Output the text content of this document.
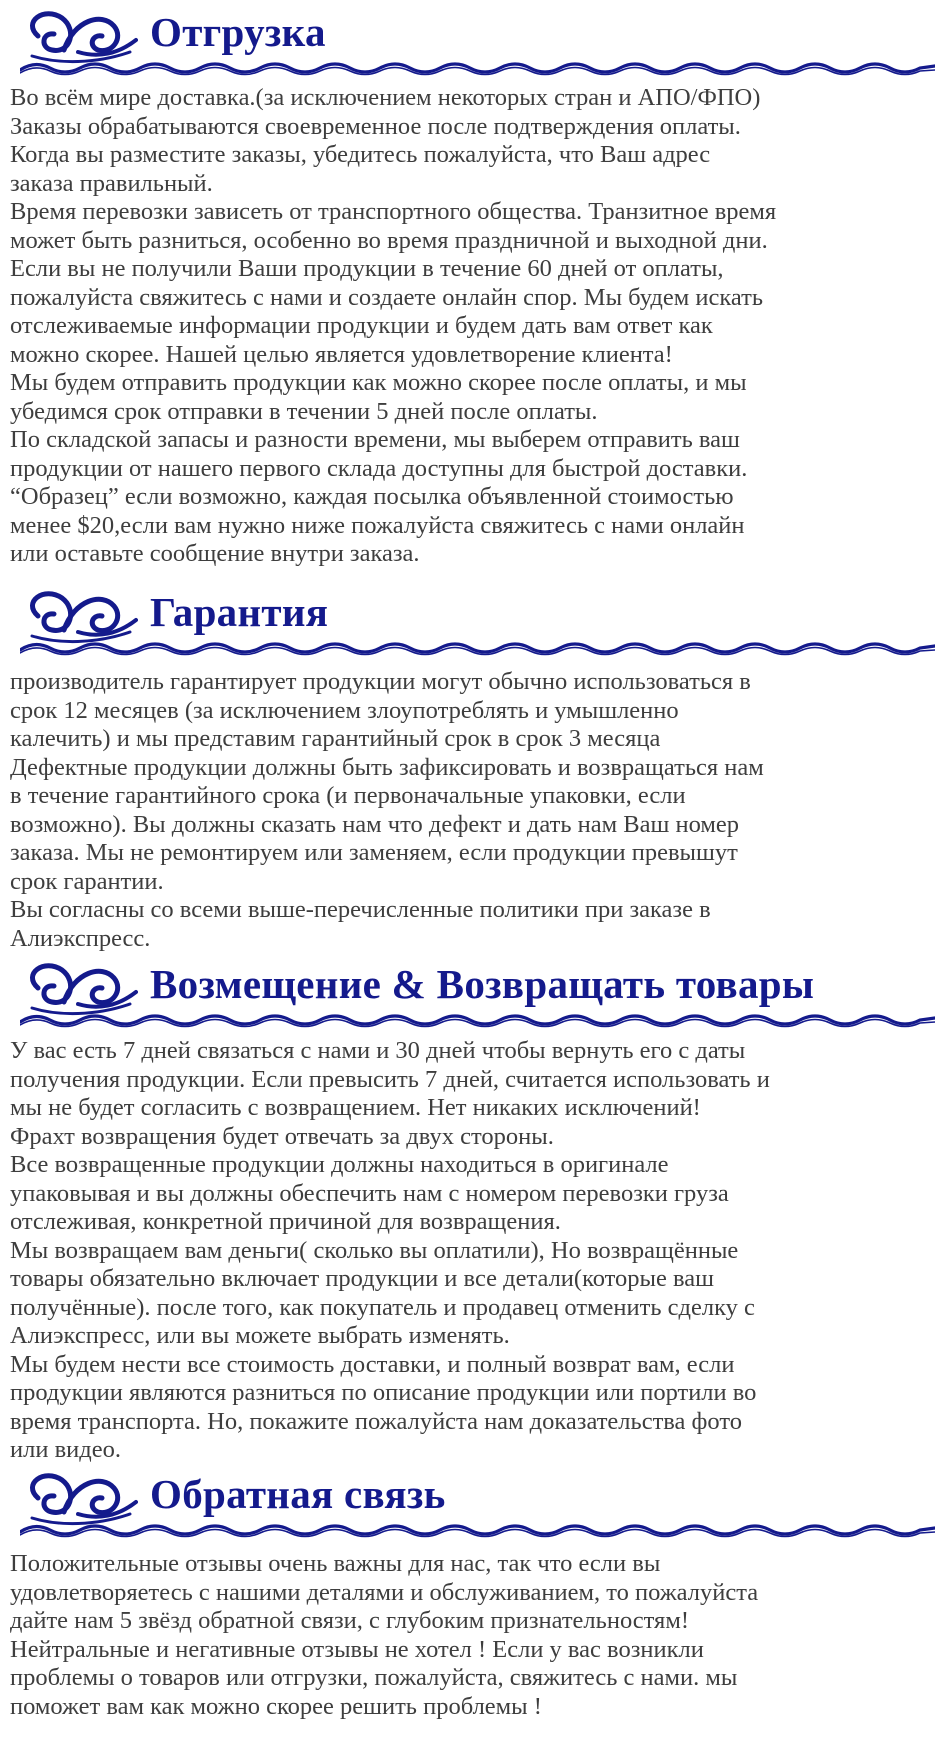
Отгрузка

Во всём мире доставка.(за исключением некоторых стран и АПО/ФПО)

Заказы обрабатываются своевременное после подтверждения оплаты.

Когда вы разместите заказы, убедитесь пожалуйста, что Ваш адрес

заказа правильный.

Время перевозки зависеть от транспортного общества. Транзитное время

может быть разниться, особенно во время праздничной и выходной дни.

Если вы не получили Ваши продукции в течение 60 дней от оплаты,

пожалуйста свяжитесь с нами и создаете онлайн спор. Мы будем искать

отслеживаемые информации продукции и будем дать вам ответ как

можно скорее. Нашей целью является удовлетворение клиента!

Мы будем отправить продукции как можно скорее после оплаты, и мы

убедимся срок отправки в течении 5 дней после оплаты.

По складской запасы и разности времени, мы выберем отправить ваш

продукции от нашего первого склада доступны для быстрой доставки.

“Образец” если возможно, каждая посылка объявленной стоимостью

менее $20,если вам нужно ниже пожалуйста свяжитесь с нами онлайн

или оставьте сообщение внутри заказа.

Гарантия

производитель гарантирует продукции могут обычно использоваться в

срок 12 месяцев (за исключением злоупотреблять и умышленно

калечить) и мы представим гарантийный срок в срок 3 месяца

Дефектные продукции должны быть зафиксировать и возвращаться нам

в течение гарантийного срока (и первоначальные упаковки, если

возможно). Вы должны сказать нам что дефект и дать нам Ваш номер

заказа. Мы не ремонтируем или заменяем, если продукции превышут

срок гарантии.

Вы согласны со всеми выше-перечисленные политики при заказе в

Алиэкспресс.

Возмещение & Возвращать товары

У вас есть 7 дней связаться с нами и 30 дней чтобы вернуть его с даты

получения продукции. Если превысить 7 дней, считается использовать и

мы не будет согласить с возвращением. Нет никаких исключений!

Фрахт возвращения будет отвечать за двух стороны.

Все возвращенные продукции должны находиться в оригинале

упаковывая и вы должны обеспечить нам с номером перевозки груза

отслеживая, конкретной причиной для возвращения.

Мы возвращаем вам деньги( сколько вы оплатили), Но возвращённые

товары обязательно включает продукции и все детали(которые ваш

получённые). после того, как покупатель и продавец отменить сделку с

Алиэкспресс, или вы можете выбрать изменять.

Мы будем нести все стоимость доставки, и полный возврат вам, если

продукции являются разниться по описание продукции или портили во

время транспорта. Но, покажите пожалуйста нам доказательства фото

или видео.

Обратная связь

Положительные отзывы очень важны для нас, так что если вы

удовлетворяетесь с нашими деталями и обслуживанием, то пожалуйста

дайте нам 5 звёзд обратной связи, с глубоким признательностям!

Нейтральные и негативные отзывы не хотел ! Если у вас возникли

проблемы о товаров или отгрузки, пожалуйста, свяжитесь с нами. мы

поможет вам как можно скорее решить проблемы !
